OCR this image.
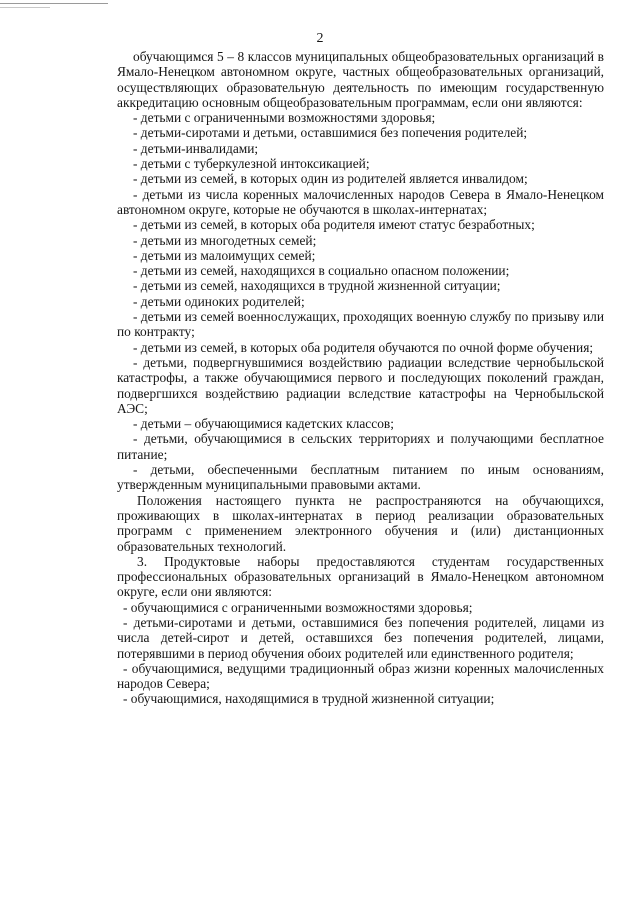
2

обучающимся 5 – 8 классов муниципальных общеобразовательных организаций в Ямало-Ненецком автономном округе, частных общеобразовательных организаций, осуществляющих образовательную деятельность по имеющим государственную аккредитацию основным общеобразовательным программам, если они являются:

- детьми с ограниченными возможностями здоровья;

- детьми-сиротами и детьми, оставшимися без попечения родителей;

- детьми-инвалидами;

- детьми с туберкулезной интоксикацией;

- детьми из семей, в которых один из родителей является инвалидом;

- детьми из числа коренных малочисленных народов Севера в Ямало-Ненецком автономном округе, которые не обучаются в школах-интернатах;

- детьми из семей, в которых оба родителя имеют статус безработных;

- детьми из многодетных семей;

- детьми из малоимущих семей;

- детьми из семей, находящихся в социально опасном положении;

- детьми из семей, находящихся в трудной жизненной ситуации;

- детьми одиноких родителей;

- детьми из семей военнослужащих, проходящих военную службу по призыву или по контракту;

- детьми из семей, в которых оба родителя обучаются по очной форме обучения;

- детьми, подвергнувшимися воздействию радиации вследствие чернобыльской катастрофы, а также обучающимися первого и последующих поколений граждан, подвергшихся воздействию радиации вследствие катастрофы на Чернобыльской АЭС;

- детьми – обучающимися кадетских классов;

- детьми, обучающимися в сельских территориях и получающими бесплатное питание;

- детьми, обеспеченными бесплатным питанием по иным основаниям, утвержденным муниципальными правовыми актами.

Положения настоящего пункта не распространяются на обучающихся, проживающих в школах-интернатах в период реализации образовательных программ с применением электронного обучения и (или) дистанционных образовательных технологий.

3. Продуктовые наборы предоставляются студентам государственных профессиональных образовательных организаций в Ямало-Ненецком автономном округе, если они являются:

- обучающимися с ограниченными возможностями здоровья;

- детьми-сиротами и детьми, оставшимися без попечения родителей, лицами из числа детей-сирот и детей, оставшихся без попечения родителей, лицами, потерявшими в период обучения обоих родителей или единственного родителя;

- обучающимися, ведущими традиционный образ жизни коренных малочисленных народов Севера;

- обучающимися, находящимися в трудной жизненной ситуации;
